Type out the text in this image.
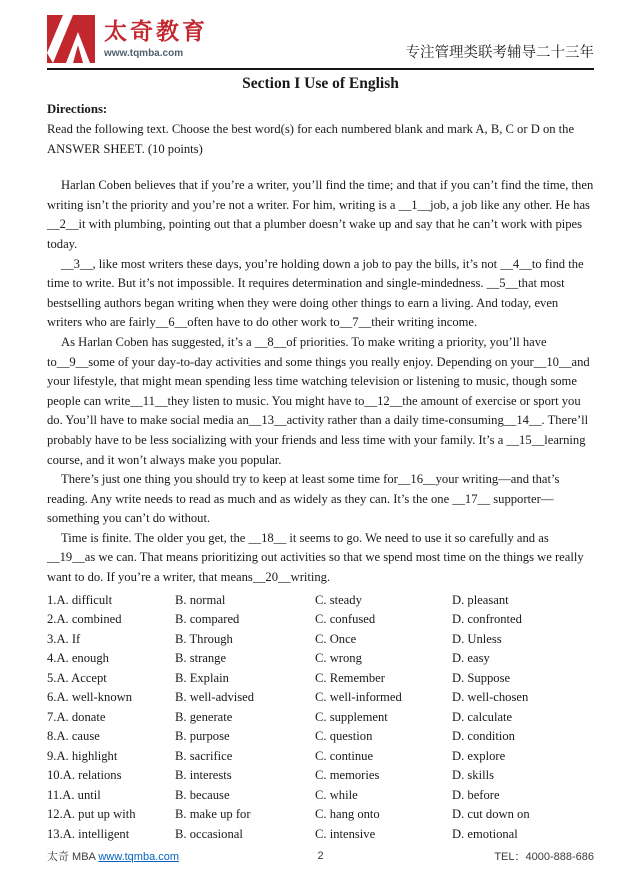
太奇教育
www.tqmba.com	专注管理类联考辅导二十三年
Section I Use of English
Directions:
Read the following text. Choose the best word(s) for each numbered blank and mark A, B, C or D on the ANSWER SHEET. (10 points)

Harlan Coben believes that if you’re a writer, you’ll find the time; and that if you can’t find the time, then writing isn’t the priority and you’re not a writer. For him, writing is a __1__job, a job like any other. He has __2__it with plumbing, pointing out that a plumber doesn’t wake up and say that he can’t work with pipes today.

__3__, like most writers these days, you’re holding down a job to pay the bills, it’s not __4__to find the time to write. But it’s not impossible. It requires determination and single-mindedness. __5__that most bestselling authors began writing when they were doing other things to earn a living. And today, even writers who are fairly__6__often have to do other work to__7__their writing income.

As Harlan Coben has suggested, it’s a __8__of priorities. To make writing a priority, you’ll have to__9__some of your day-to-day activities and some things you really enjoy. Depending on your__10__and your lifestyle, that might mean spending less time watching television or listening to music, though some people can write__11__they listen to music. You might have to__12__the amount of exercise or sport you do. You’ll have to make social media an__13__activity rather than a daily time-consuming__14__. There’ll probably have to be less socializing with your friends and less time with your family. It’s a __15__learning course, and it won’t always make you popular.

There’s just one thing you should try to keep at least some time for__16__your writing—and that’s reading. Any write needs to read as much and as widely as they can. It’s the one __17__ supporter—something you can’t do without.

Time is finite. The older you get, the __18__ it seems to go. We need to use it so carefully and as __19__as we can. That means prioritizing out activities so that we spend most time on the things we really want to do. If you’re a writer, that means__20__writing.

1.A. difficult	B. normal	C. steady	D. pleasant
2.A. combined	B. compared	C. confused	D. confronted
3.A. If	B. Through	C. Once	D. Unless
4.A. enough	B. strange	C. wrong	D. easy
5.A. Accept	B. Explain	C. Remember	D. Suppose
6.A. well-known	B. well-advised	C. well-informed	D. well-chosen
7.A. donate	B. generate	C. supplement	D. calculate
8.A. cause	B. purpose	C. question	D. condition
9.A. highlight	B. sacrifice	C. continue	D. explore
10.A. relations	B. interests	C. memories	D. skills
11.A. until	B. because	C. while	D. before
12.A. put up with	B. make up for	C. hang onto	D. cut down on
13.A. intelligent	B. occasional	C. intensive	D. emotional
太奇 MBA www.tqmba.com	2	TEL：4000-888-686
